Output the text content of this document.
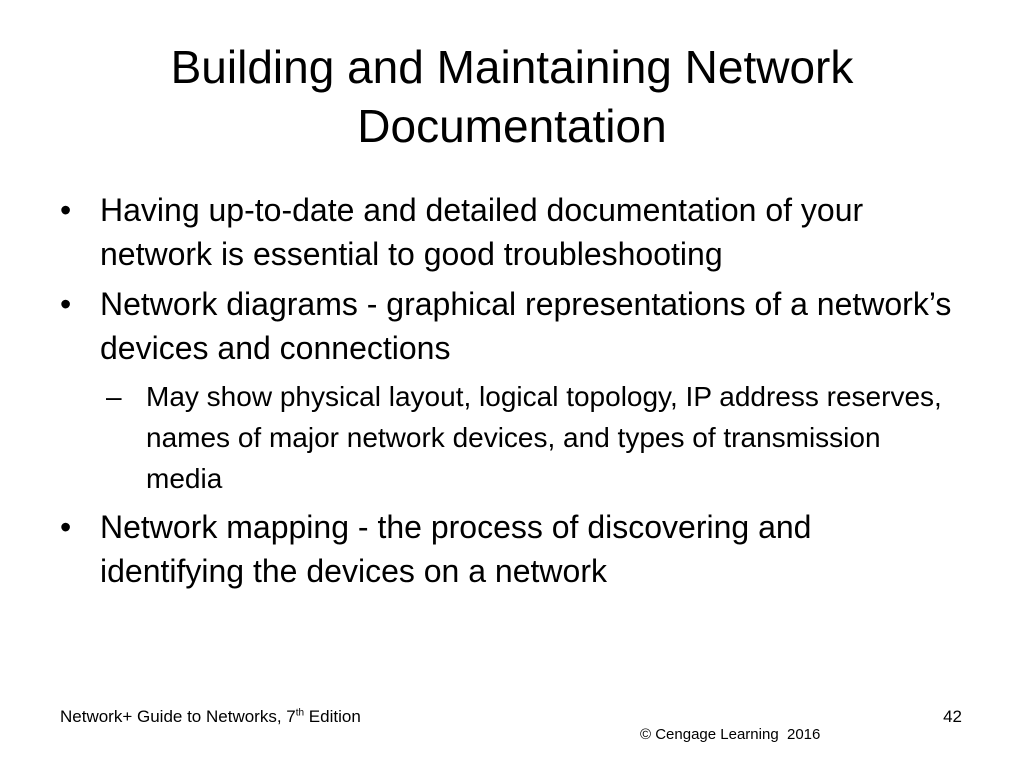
Building and Maintaining Network
Documentation
• Having up-to-date and detailed documentation of your network is essential to good troubleshooting
• Network diagrams - graphical representations of a network’s devices and connections
– May show physical layout, logical topology, IP address reserves, names of major network devices, and types of transmission media
• Network mapping - the process of discovering and identifying the devices on a network
Network+ Guide to Networks, 7th Edition	42
© Cengage Learning  2016
